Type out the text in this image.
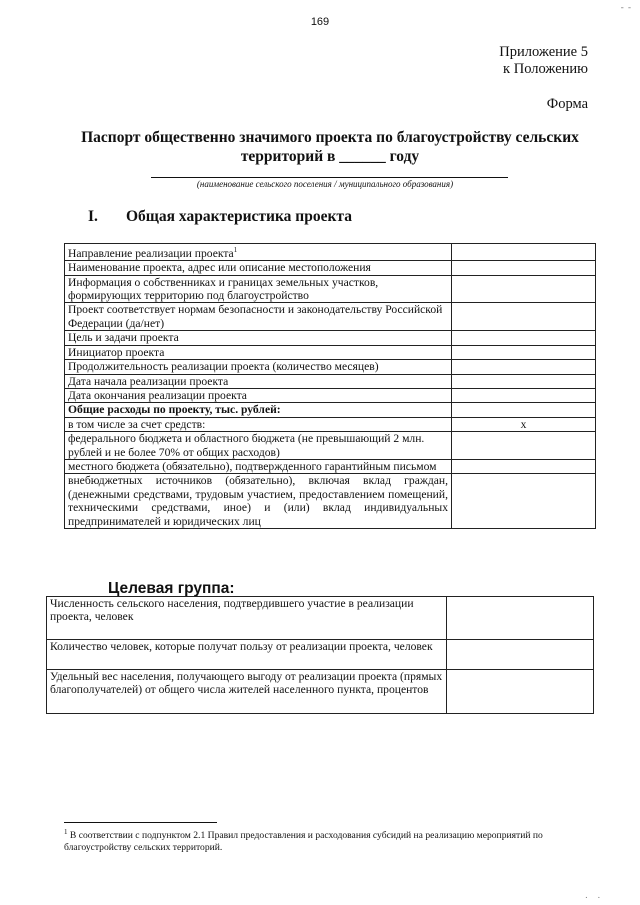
169
- -
Приложение 5
к Положению
Форма
Паспорт общественно значимого проекта по благоустройству сельских
территорий в ______ году
(наименование сельского поселения / муниципального образования)
I. Общая характеристика проекта
Направление реализации проекта$^1$	
Наименование проекта, адрес или описание местоположения	
Информация о собственниках и границах земельных участков, формирующих территорию под благоустройство	
Проект соответствует нормам безопасности и законодательству Российской Федерации (да/нет)	
Цель и задачи проекта	
Инициатор проекта	
Продолжительность реализации проекта (количество месяцев)	
Дата начала реализации проекта	
Дата окончания реализации проекта	
Общие расходы по проекту, тыс. рублей:	
в том числе за счет средств:	x
федерального бюджета и областного бюджета (не превышающий 2 млн. рублей и не более 70% от общих расходов)	
местного бюджета (обязательно), подтвержденного гарантийным письмом	
внебюджетных источников (обязательно), включая вклад граждан, (денежными средствами, трудовым участием, предоставлением помещений, техническими средствами, иное) и (или) вклад индивидуальных предпринимателей и юридических лиц	
Целевая группа:
Численность сельского населения, подтвердившего участие в реализации проекта, человек	
Количество человек, которые получат пользу от реализации проекта, человек	
Удельный вес населения, получающего выгоду от реализации проекта (прямых благополучателей) от общего числа жителей населенного пункта, процентов	
$^1$ В соответствии с подпунктом 2.1 Правил предоставления и расходования субсидий на реализацию мероприятий по благоустройству сельских территорий.
. .
